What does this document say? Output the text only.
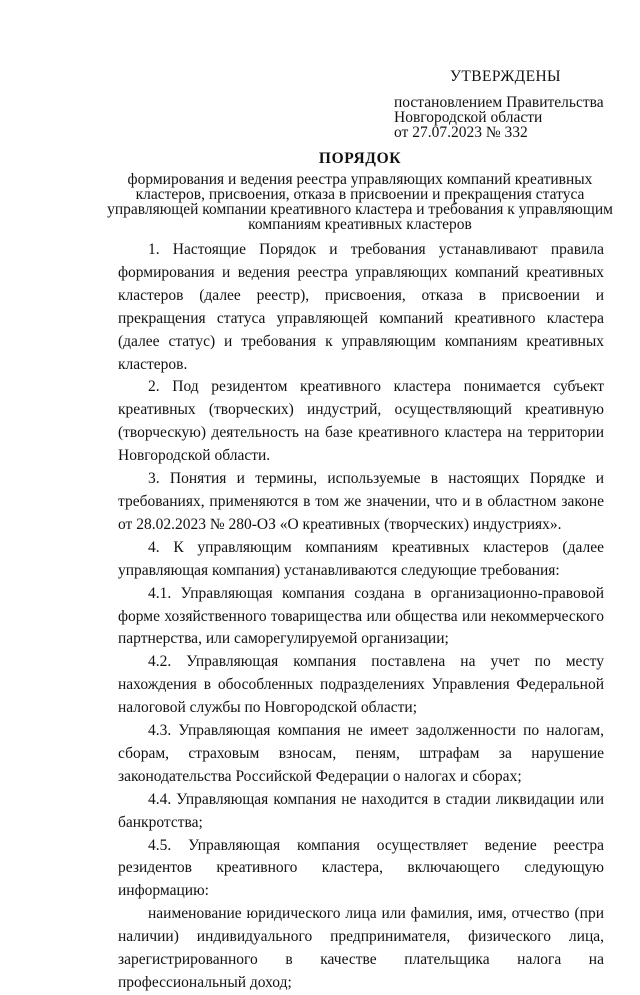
УТВЕРЖДЕНЫ
постановлением Правительства
Новгородской области
от 27.07.2023 № 332
ПОРЯДОК
формирования и ведения реестра управляющих компаний креативных
кластеров, присвоения, отказа в присвоении и прекращения статуса
управляющей компании креативного кластера и требования к управляющим
компаниям креативных кластеров

1. Настоящие Порядок и требования устанавливают правила формирования и ведения реестра управляющих компаний креативных кластеров (далее реестр), присвоения, отказа в присвоении и прекращения статуса управляющей компаний креативного кластера (далее статус) и требования к управляющим компаниям креативных кластеров.

2. Под резидентом креативного кластера понимается субъект креативных (творческих) индустрий, осуществляющий креативную (творческую) деятельность на базе креативного кластера на территории Новгородской области.

3. Понятия и термины, используемые в настоящих Порядке и требованиях, применяются в том же значении, что и в областном законе от 28.02.2023 № 280-ОЗ «О креативных (творческих) индустриях».

4. К управляющим компаниям креативных кластеров (далее управляющая компания) устанавливаются следующие требования:

4.1. Управляющая компания создана в организационно-правовой форме хозяйственного товарищества или общества или некоммерческого партнерства, или саморегулируемой организации;

4.2. Управляющая компания поставлена на учет по месту нахождения в обособленных подразделениях Управления Федеральной налоговой службы по Новгородской области;

4.3. Управляющая компания не имеет задолженности по налогам, сборам, страховым взносам, пеням, штрафам за нарушение законодательства Российской Федерации о налогах и сборах;

4.4. Управляющая компания не находится в стадии ликвидации или банкротства;

4.5. Управляющая компания осуществляет ведение реестра резидентов креативного кластера, включающего следующую информацию:

наименование юридического лица или фамилия, имя, отчество (при наличии) индивидуального предпринимателя, физического лица, зарегистрированного в качестве плательщика налога на профессиональный доход;
